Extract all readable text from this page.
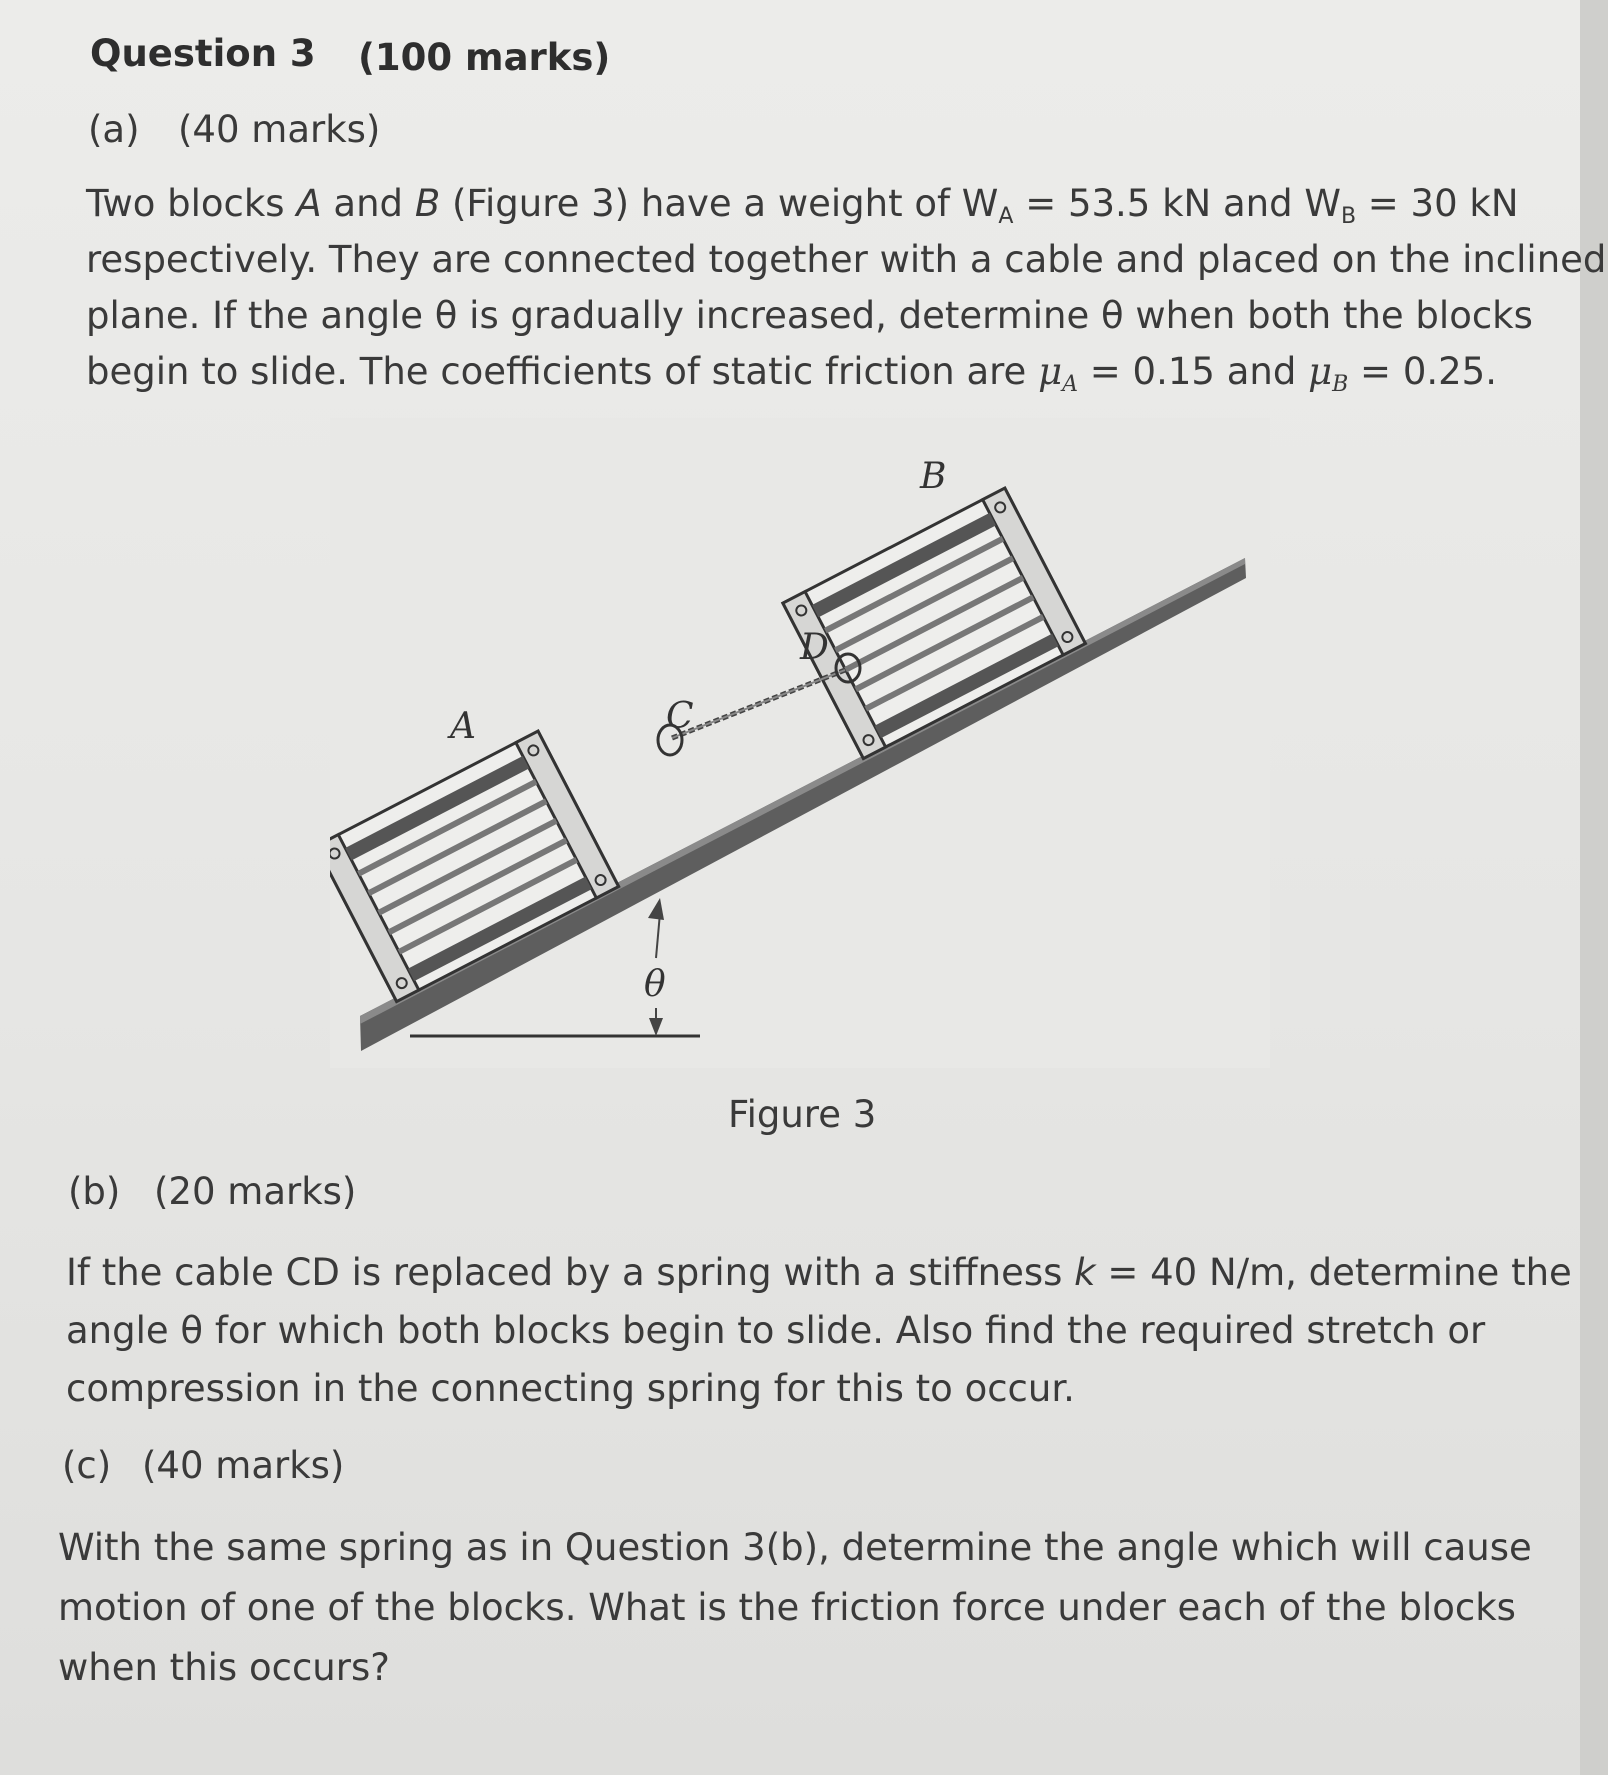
Question 3 (100 marks)
(a) (40 marks)
Two blocks A and B (Figure 3) have a weight of $W_A = 53.5$ kN and $W_B = 30$ kN
respectively. They are connected together with a cable and placed on the inclined
plane. If the angle θ is gradually increased, determine θ when both the blocks
begin to slide. The coefficients of static friction are $\mu_A = 0.15$ and $\mu_B = 0.25$.
θ
A
B
C
D
Figure 3
(b) (20 marks)
If the cable CD is replaced by a spring with a stiffness k = 40 N/m, determine the
angle θ for which both blocks begin to slide. Also find the required stretch or
compression in the connecting spring for this to occur.
(c) (40 marks)
With the same spring as in Question 3(b), determine the angle which will cause
motion of one of the blocks. What is the friction force under each of the blocks
when this occurs?
